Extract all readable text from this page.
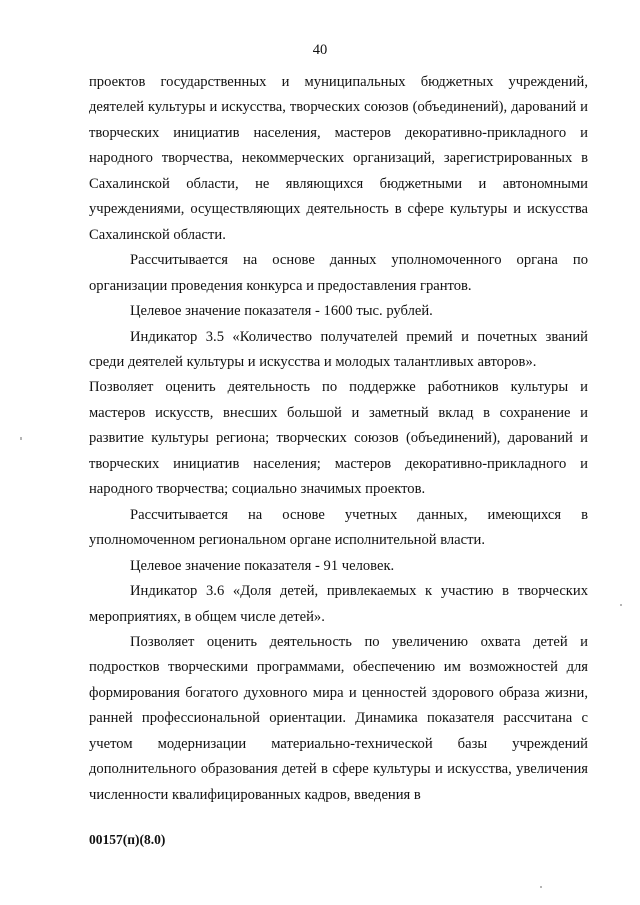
40

проектов государственных и муниципальных бюджетных учреждений, деятелей культуры и искусства, творческих союзов (объединений), дарований и творческих инициатив населения, мастеров декоративно-прикладного и народного творчества, некоммерческих организаций, зарегистрированных в Сахалинской области, не являющихся бюджетными и автономными учреждениями, осуществляющих деятельность в сфере культуры и искусства Сахалинской области.

Рассчитывается на основе данных уполномоченного органа по организации проведения конкурса и предоставления грантов.

Целевое значение показателя - 1600 тыс. рублей.

Индикатор 3.5 «Количество получателей премий и почетных званий среди деятелей культуры и искусства и молодых талантливых авторов».

Позволяет оценить деятельность по поддержке работников культуры и мастеров искусств, внесших большой и заметный вклад в сохранение и развитие культуры региона; творческих союзов (объединений), дарований и творческих инициатив населения; мастеров декоративно-прикладного и народного творчества; социально значимых проектов.

Рассчитывается на основе учетных данных, имеющихся в уполномоченном региональном органе исполнительной власти.

Целевое значение показателя - 91 человек.

Индикатор 3.6 «Доля детей, привлекаемых к участию в творческих мероприятиях, в общем числе детей».

Позволяет оценить деятельность по увеличению охвата детей и подростков творческими программами, обеспечению им возможностей для формирования богатого духовного мира и ценностей здорового образа жизни, ранней профессиональной ориентации. Динамика показателя рассчитана с учетом модернизации материально-технической базы учреждений дополнительного образования детей в сфере культуры и искусства, увеличения численности квалифицированных кадров, введения в

00157(п)(8.0)
